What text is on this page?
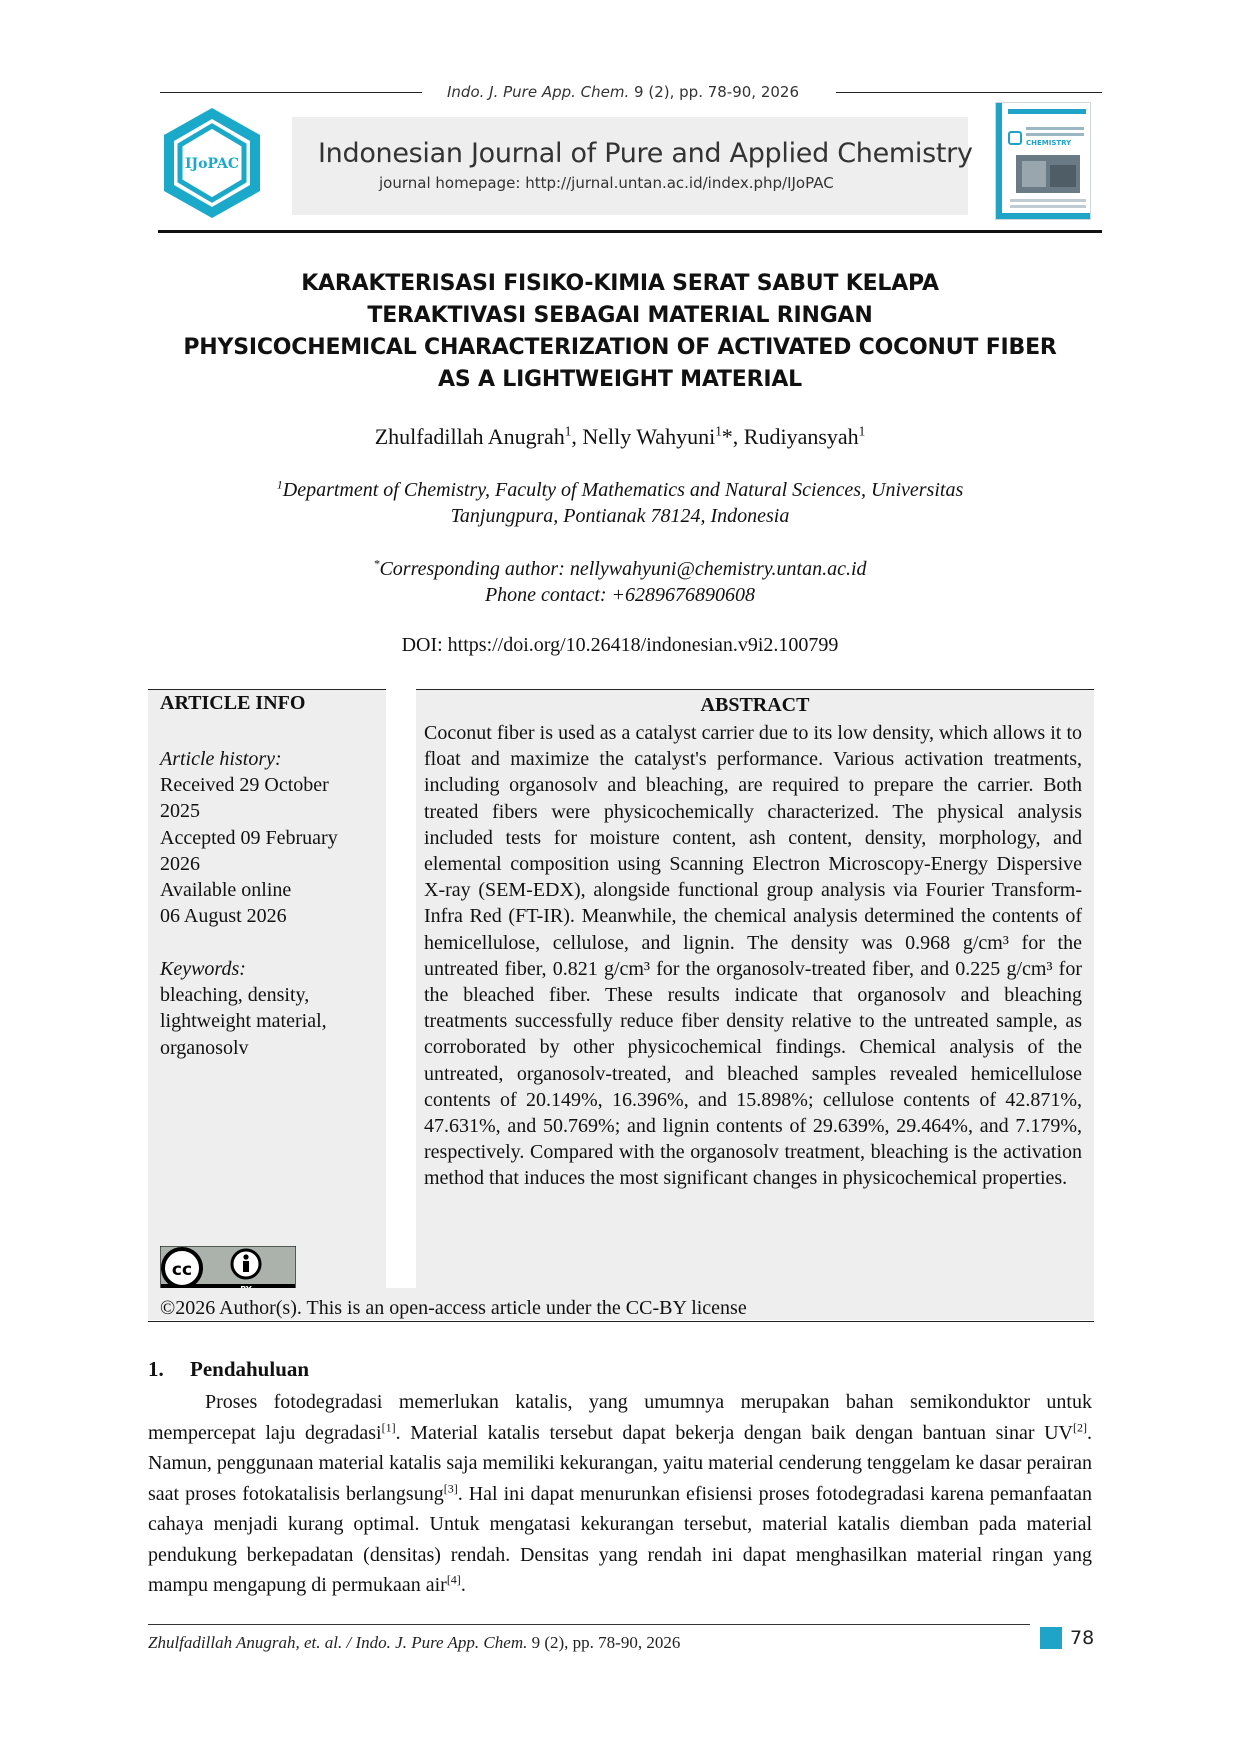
Indo. J. Pure App. Chem. 9 (2), pp. 78-90, 2026
IJoPAC	Indonesian Journal of Pure and Applied Chemistry
journal homepage: http://jurnal.untan.ac.id/index.php/IJoPAC
CHEMISTRY
KARAKTERISASI FISIKO-KIMIA SERAT SABUT KELAPA
TERAKTIVASI SEBAGAI MATERIAL RINGAN
PHYSICOCHEMICAL CHARACTERIZATION OF ACTIVATED COCONUT FIBER
AS A LIGHTWEIGHT MATERIAL
Zhulfadillah Anugrah$^1$, Nelly Wahyuni$^1$*, Rudiyansyah$^1$
$^1$Department of Chemistry, Faculty of Mathematics and Natural Sciences, Universitas
Tanjungpura, Pontianak 78124, Indonesia
*Corresponding author: nellywahyuni@chemistry.untan.ac.id
Phone contact: +6289676890608
DOI: https://doi.org/10.26418/indonesian.v9i2.100799
ARTICLE INFO
Article history:
Received 29 October
2025
Accepted 09 February
2026
Available online
06 August 2026
Keywords:
bleaching, density,
lightweight material,
organosolv
cc
ABSTRACT
Coconut fiber is used as a catalyst carrier due to its low density, which allows it to float and maximize the catalyst's performance. Various activation treatments, including organosolv and bleaching, are required to prepare the carrier. Both treated fibers were physicochemically characterized. The physical analysis included tests for moisture content, ash content, density, morphology, and elemental composition using Scanning Electron Microscopy-Energy Dispersive X-ray (SEM-EDX), alongside functional group analysis via Fourier Transform-Infra Red (FT-IR). Meanwhile, the chemical analysis determined the contents of hemicellulose, cellulose, and lignin. The density was 0.968 g/cm³ for the untreated fiber, 0.821 g/cm³ for the organosolv-treated fiber, and 0.225 g/cm³ for the bleached fiber. These results indicate that organosolv and bleaching treatments successfully reduce fiber density relative to the untreated sample, as corroborated by other physicochemical findings. Chemical analysis of the untreated, organosolv-treated, and bleached samples revealed hemicellulose contents of 20.149%, 16.396%, and 15.898%; cellulose contents of 42.871%, 47.631%, and 50.769%; and lignin contents of 29.639%, 29.464%, and 7.179%, respectively. Compared with the organosolv treatment, bleaching is the activation method that induces the most significant changes in physicochemical properties.
©2026 Author(s). This is an open-access article under the CC-BY license
1.     Pendahuluan
Proses fotodegradasi memerlukan katalis, yang umumnya merupakan bahan semikonduktor untuk mempercepat laju degradasi[1]. Material katalis tersebut dapat bekerja dengan baik dengan bantuan sinar UV[2]. Namun, penggunaan material katalis saja memiliki kekurangan, yaitu material cenderung tenggelam ke dasar perairan saat proses fotokatalisis berlangsung[3]. Hal ini dapat menurunkan efisiensi proses fotodegradasi karena pemanfaatan cahaya menjadi kurang optimal. Untuk mengatasi kekurangan tersebut, material katalis diemban pada material pendukung berkepadatan (densitas) rendah. Densitas yang rendah ini dapat menghasilkan material ringan yang mampu mengapung di permukaan air[4].
Zhulfadillah Anugrah, et. al. / Indo. J. Pure App. Chem. 9 (2), pp. 78-90, 2026	78
